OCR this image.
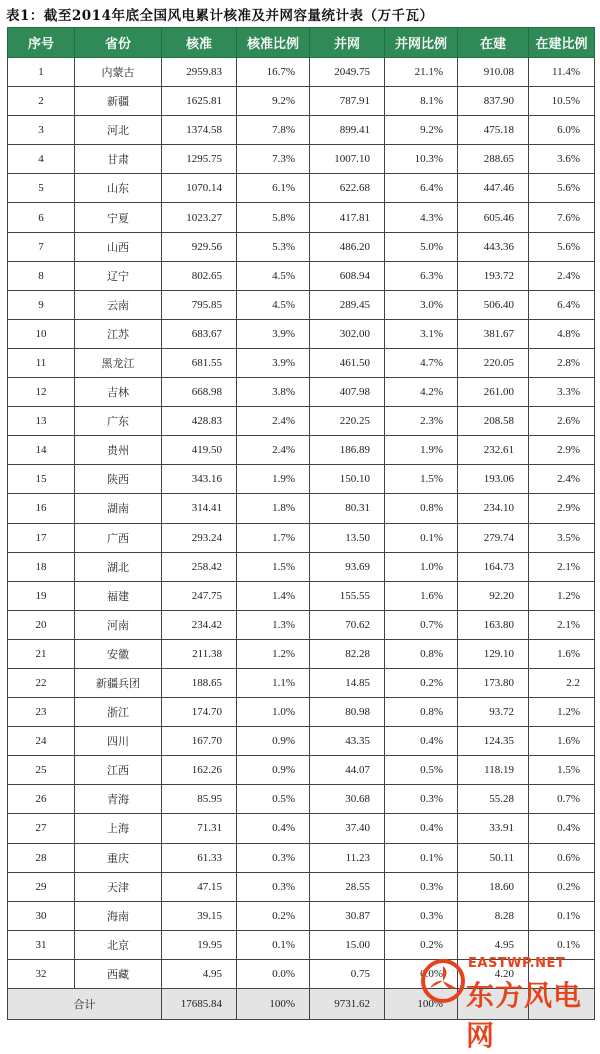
表1：截至2014年底全国风电累计核准及并网容量统计表（万千瓦）
序号	省份	核准	核准比例	并网	并网比例	在建	在建比例
1	内蒙古	2959.83	16.7%	2049.75	21.1%	910.08	11.4%
2	新疆	1625.81	9.2%	787.91	8.1%	837.90	10.5%
3	河北	1374.58	7.8%	899.41	9.2%	475.18	6.0%
4	甘肃	1295.75	7.3%	1007.10	10.3%	288.65	3.6%
5	山东	1070.14	6.1%	622.68	6.4%	447.46	5.6%
6	宁夏	1023.27	5.8%	417.81	4.3%	605.46	7.6%
7	山西	929.56	5.3%	486.20	5.0%	443.36	5.6%
8	辽宁	802.65	4.5%	608.94	6.3%	193.72	2.4%
9	云南	795.85	4.5%	289.45	3.0%	506.40	6.4%
10	江苏	683.67	3.9%	302.00	3.1%	381.67	4.8%
11	黑龙江	681.55	3.9%	461.50	4.7%	220.05	2.8%
12	吉林	668.98	3.8%	407.98	4.2%	261.00	3.3%
13	广东	428.83	2.4%	220.25	2.3%	208.58	2.6%
14	贵州	419.50	2.4%	186.89	1.9%	232.61	2.9%
15	陕西	343.16	1.9%	150.10	1.5%	193.06	2.4%
16	湖南	314.41	1.8%	80.31	0.8%	234.10	2.9%
17	广西	293.24	1.7%	13.50	0.1%	279.74	3.5%
18	湖北	258.42	1.5%	93.69	1.0%	164.73	2.1%
19	福建	247.75	1.4%	155.55	1.6%	92.20	1.2%
20	河南	234.42	1.3%	70.62	0.7%	163.80	2.1%
21	安徽	211.38	1.2%	82.28	0.8%	129.10	1.6%
22	新疆兵团	188.65	1.1%	14.85	0.2%	173.80	2.2
23	浙江	174.70	1.0%	80.98	0.8%	93.72	1.2%
24	四川	167.70	0.9%	43.35	0.4%	124.35	1.6%
25	江西	162.26	0.9%	44.07	0.5%	118.19	1.5%
26	青海	85.95	0.5%	30.68	0.3%	55.28	0.7%
27	上海	71.31	0.4%	37.40	0.4%	33.91	0.4%
28	重庆	61.33	0.3%	11.23	0.1%	50.11	0.6%
29	天津	47.15	0.3%	28.55	0.3%	18.60	0.2%
30	海南	39.15	0.2%	30.87	0.3%	8.28	0.1%
31	北京	19.95	0.1%	15.00	0.2%	4.95	0.1%
32	西藏	4.95	0.0%	0.75	0.0%	4.20	
合计		17685.84	100%	9731.62	100%		
EASTWP.NET
东方风电网
